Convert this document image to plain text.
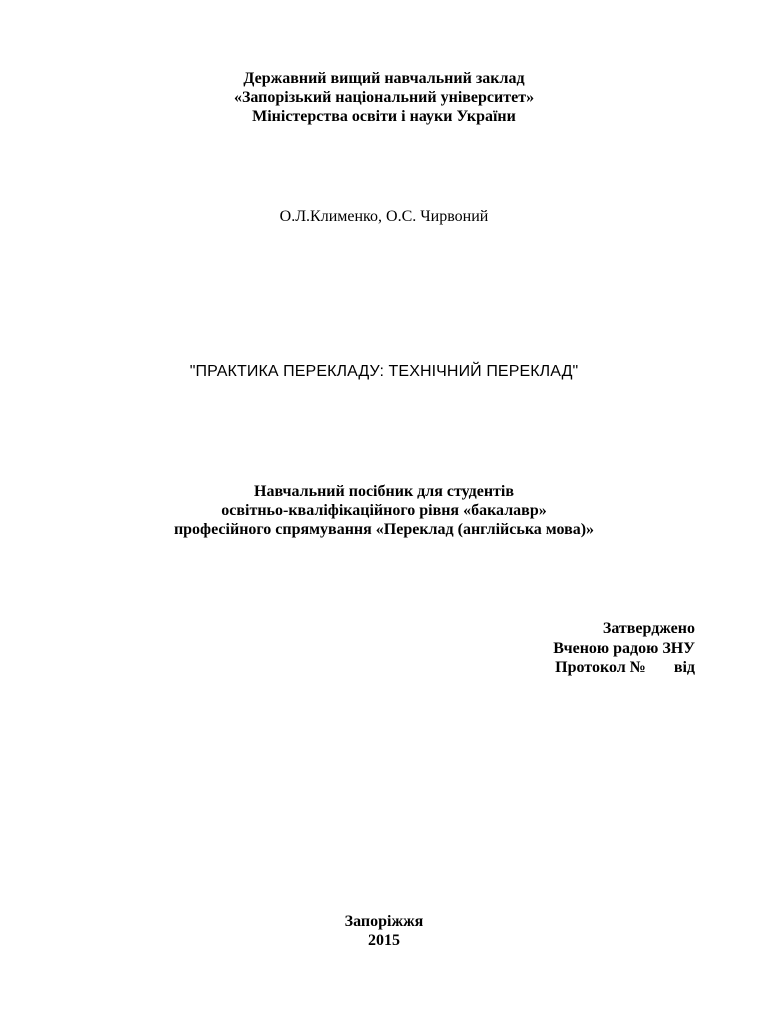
Державний вищий навчальний заклад
«Запорізький національний університет»
Міністерства освіти і науки України
О.Л.Клименко, О.С. Чирвоний
"ПРАКТИКА ПЕРЕКЛАДУ: ТЕХНІЧНИЙ ПЕРЕКЛАД"
Навчальний посібник для студентів
освітньо-кваліфікаційного рівня «бакалавр»
професійного спрямування «Переклад (англійська мова)»
Затверджено
Вченою радою ЗНУ
Протокол № від
Запоріжжя
2015
